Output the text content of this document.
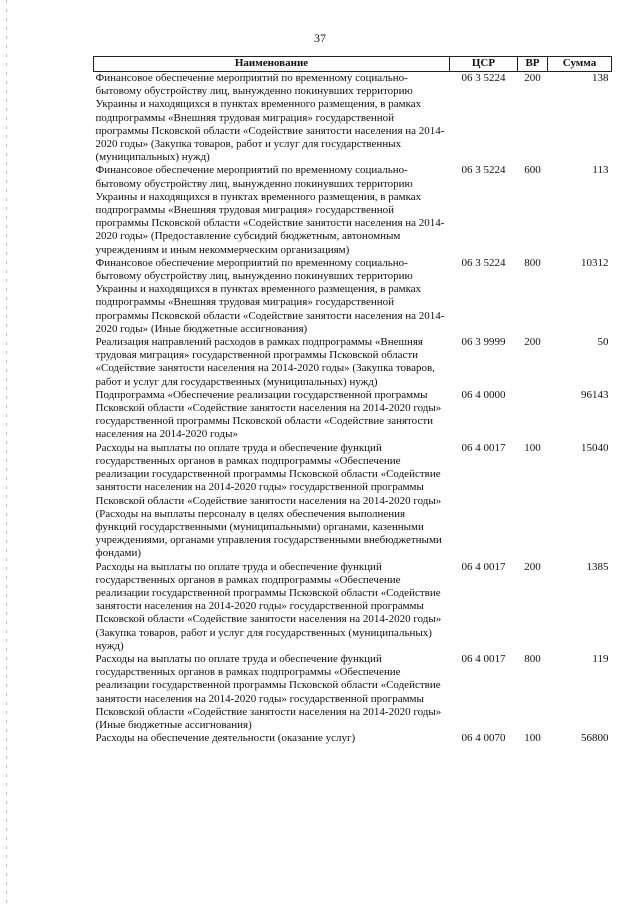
37
Наименование	ЦСР	ВР	Сумма
Финансовое обеспечение мероприятий по временному социально-бытовому обустройству лиц, вынужденно покинувших территорию Украины и находящихся в пунктах временного размещения, в рамках подпрограммы «Внешняя трудовая миграция» государственной программы Псковской области «Содействие занятости населения на 2014-2020 годы» (Закупка товаров, работ и услуг для государственных (муниципальных) нужд)	06 3 5224	200	138
Финансовое обеспечение мероприятий по временному социально-бытовому обустройству лиц, вынужденно покинувших территорию Украины и находящихся в пунктах временного размещения, в рамках подпрограммы «Внешняя трудовая миграция» государственной программы Псковской области «Содействие занятости населения на 2014-2020 годы» (Предоставление субсидий бюджетным, автономным учреждениям и иным некоммерческим организациям)	06 3 5224	600	113
Финансовое обеспечение мероприятий по временному социально-бытовому обустройству лиц, вынужденно покинувших территорию Украины и находящихся в пунктах временного размещения, в рамках подпрограммы «Внешняя трудовая миграция» государственной программы Псковской области «Содействие занятости населения на 2014-2020 годы» (Иные бюджетные ассигнования)	06 3 5224	800	10312
Реализация направлений расходов в рамках подпрограммы «Внешняя трудовая миграция» государственной программы Псковской области «Содействие занятости населения на 2014-2020 годы» (Закупка товаров, работ и услуг для государственных (муниципальных) нужд)	06 3 9999	200	50
Подпрограмма «Обеспечение реализации государственной программы Псковской области «Содействие занятости населения на 2014-2020 годы» государственной программы Псковской области «Содействие занятости населения на 2014-2020 годы»	06 4 0000		96143
Расходы на выплаты по оплате труда и обеспечение функций государственных органов в рамках подпрограммы «Обеспечение реализации государственной программы Псковской области «Содействие занятости населения на 2014-2020 годы» государственной программы Псковской области «Содействие занятости населения на 2014-2020 годы» (Расходы на выплаты персоналу в целях обеспечения выполнения функций государственными (муниципальными) органами, казенными учреждениями, органами управления государственными внебюджетными фондами)	06 4 0017	100	15040
Расходы на выплаты по оплате труда и обеспечение функций государственных органов в рамках подпрограммы «Обеспечение реализации государственной программы Псковской области «Содействие занятости населения на 2014-2020 годы» государственной программы Псковской области «Содействие занятости населения на 2014-2020 годы» (Закупка товаров, работ и услуг для государственных (муниципальных) нужд)	06 4 0017	200	1385
Расходы на выплаты по оплате труда и обеспечение функций государственных органов в рамках подпрограммы «Обеспечение реализации государственной программы Псковской области «Содействие занятости населения на 2014-2020 годы» государственной программы Псковской области «Содействие занятости населения на 2014-2020 годы» (Иные бюджетные ассигнования)	06 4 0017	800	119
Расходы на обеспечение деятельности (оказание услуг)	06 4 0070	100	56800
